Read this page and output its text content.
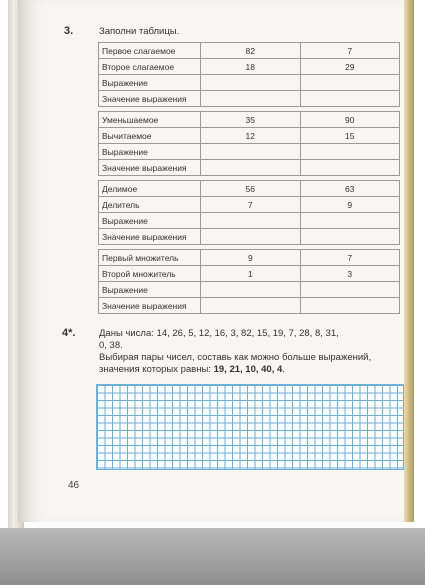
3.	Заполни таблицы.
Первое слагаемое	82	7
Второе слагаемое	18	29
Выражение		
Значение выражения		
Уменьшаемое	35	90
Вычитаемое	12	15
Выражение		
Значение выражения		
Делимое	56	63
Делитель	7	9
Выражение		
Значение выражения		
Первый множитель	9	7
Второй множитель	1	3
Выражение		
Значение выражения		
4*. Даны числа: 14, 26, 5, 12, 16, 3, 82, 15, 19, 7, 28, 8, 31,
0, 38.
Выбирая пары чисел, составь как можно больше выражений,
значения которых равны: 19, 21, 10, 40, 4.
46
